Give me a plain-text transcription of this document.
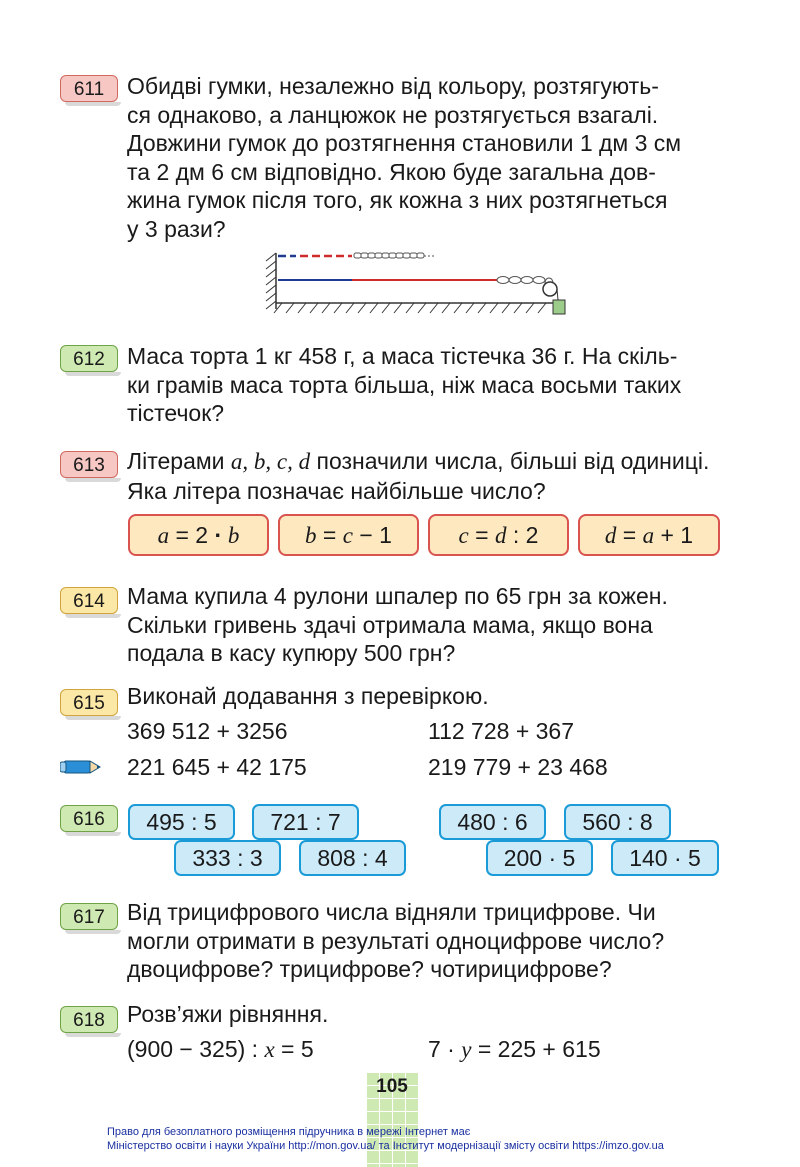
611 Обидві гумки, незалежно від кольору, розтягують-
ся однаково, а ланцюжок не розтягується взагалі.
Довжини гумок до розтягнення становили 1 дм 3 см
та 2 дм 6 см відповідно. Якою буде загальна дов-
жина гумок після того, як кожна з них розтягнеться
у 3 рази?
612 Маса торта 1 кг 458 г, а маса тістечка 36 г. На скіль-
ки грамів маса торта більша, ніж маса восьми таких
тістечок?
613 Літерами a, b, c, d позначили числа, більші від одиниці.
Яка літера позначає найбільше число?
a = 2 · b	b = c − 1	c = d : 2	d = a + 1
614 Мама купила 4 рулони шпалер по 65 грн за кожен.
Скільки гривень здачі отримала мама, якщо вона
подала в касу купюру 500 грн?
615 Виконай додавання з перевіркою.
369 512 + 3256	112 728 + 367
221 645 + 42 175	219 779 + 23 468
616	495 : 5	721 : 7
333 : 3	808 : 4
480 : 6	560 : 8
200 · 5	140 · 5
617 Від трицифрового числа відняли трицифрове. Чи
могли отримати в результаті одноцифрове число?
двоцифрове? трицифрове? чотирицифрове?
618 Розв’яжи рівняння.
(900 − 325) : x = 5	7 · y = 225 + 615
105
Право для безоплатного розміщення підручника в мережі Інтернет має
Міністерство освіти і науки України http://mon.gov.ua/ та Інститут модернізації змісту освіти https://imzo.gov.ua
